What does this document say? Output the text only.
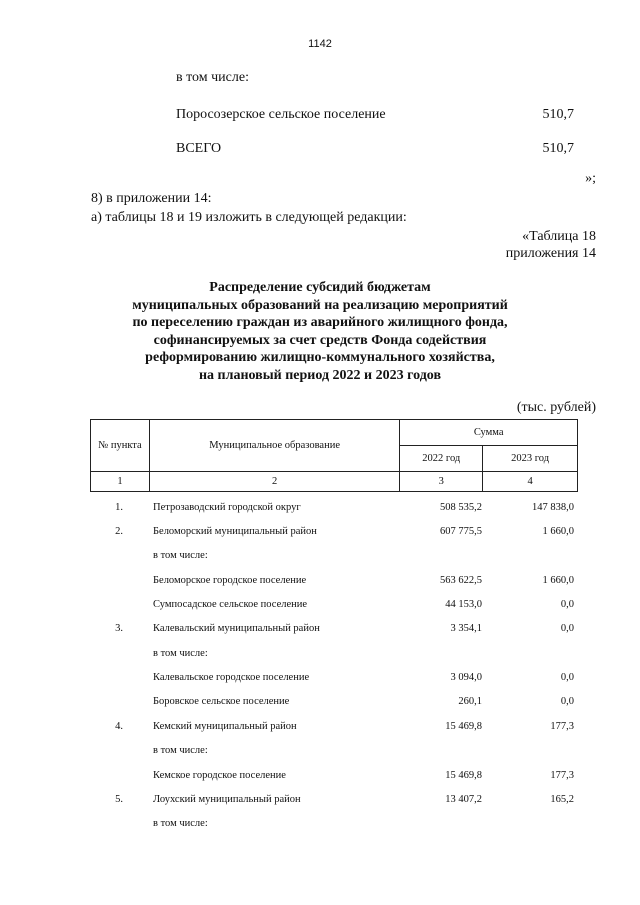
1142
в том числе:
Поросозерское сельское поселение	510,7
ВСЕГО	510,7
»;
8) в приложении 14:
а) таблицы 18 и 19 изложить в следующей редакции:
«Таблица 18
приложения 14
Распределение субсидий бюджетам
муниципальных образований на реализацию мероприятий
по переселению граждан из аварийного жилищного фонда,
софинансируемых за счет средств Фонда содействия
реформированию жилищно-коммунального хозяйства,
на плановый период 2022 и 2023 годов
(тыс. рублей)
№ пункта	Муниципальное образование	Сумма	
		2022 год	2023 год
1	2	3	4
1.	Петрозаводский городской округ	508 535,2	147 838,0
2.	Беломорский муниципальный район	607 775,5	1 660,0
в том числе:
Беломорское городское поселение	563 622,5	1 660,0
Сумпосадское сельское поселение	44 153,0	0,0
3.	Калевальский муниципальный район	3 354,1	0,0
в том числе:
Калевальское городское поселение	3 094,0	0,0
Боровское сельское поселение	260,1	0,0
4.	Кемский муниципальный район	15 469,8	177,3
в том числе:
Кемское городское поселение	15 469,8	177,3
5.	Лоухский муниципальный район	13 407,2	165,2
в том числе:
